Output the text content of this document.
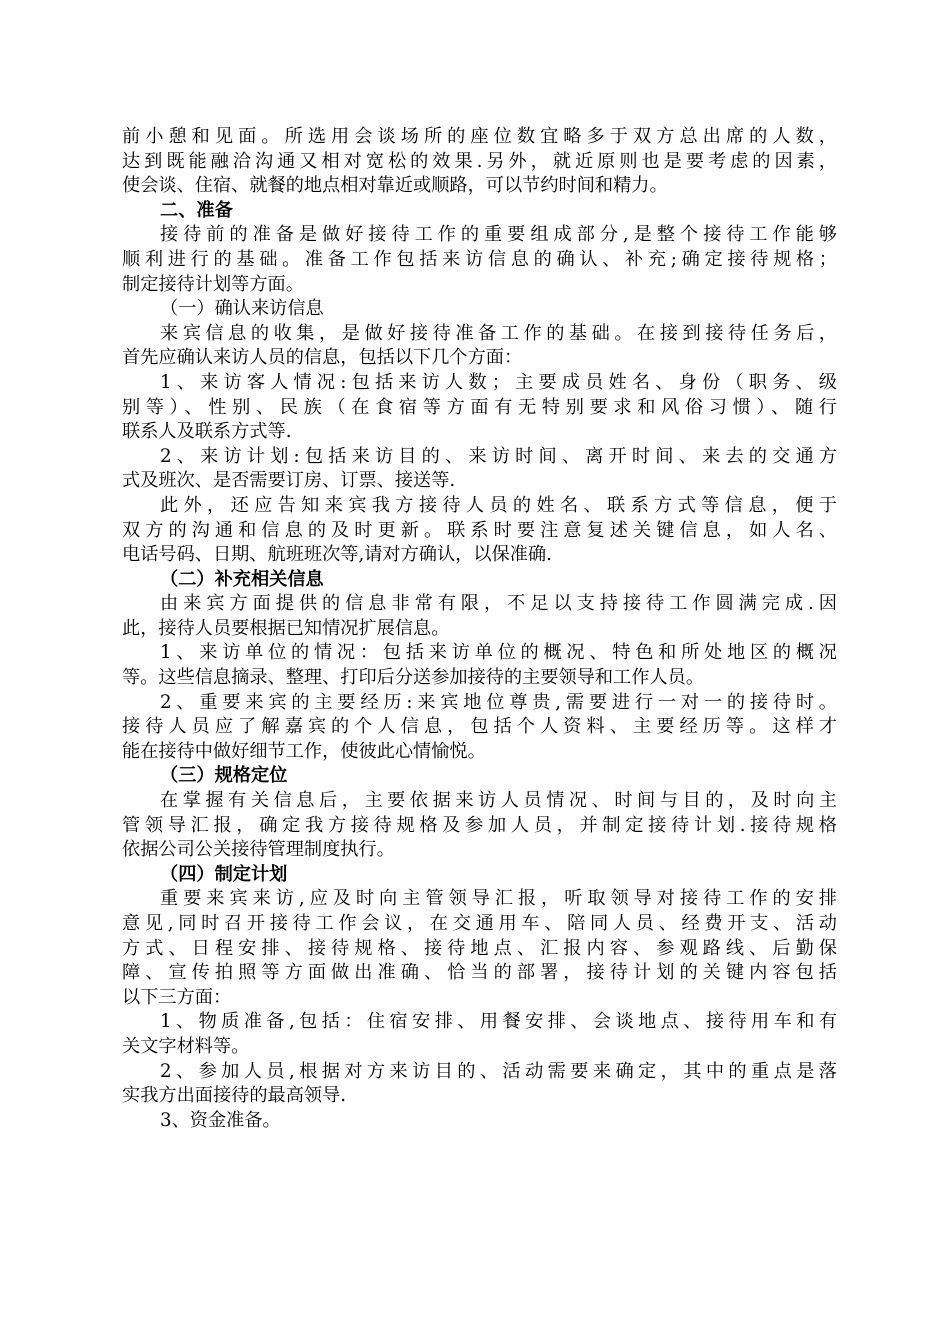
前小憩和见面。所选用会谈场所的座位数宜略多于双方总出席的人数，
达到既能融洽沟通又相对宽松的效果.另外，就近原则也是要考虑的因素，
使会谈、住宿、就餐的地点相对靠近或顺路，可以节约时间和精力。

二、准备

接待前的准备是做好接待工作的重要组成部分,是整个接待工作能够
顺利进行的基础。准备工作包括来访信息的确认、补充;确定接待规格；
制定接待计划等方面。

（一）确认来访信息

来宾信息的收集，是做好接待准备工作的基础。在接到接待任务后，
首先应确认来访人员的信息，包括以下几个方面：

1、来访客人情况:包括来访人数；主要成员姓名、身份（职务、级
别等）、性别、民族（在食宿等方面有无特别要求和风俗习惯）、随行
联系人及联系方式等.

2、来访计划:包括来访目的、来访时间、离开时间、来去的交通方
式及班次、是否需要订房、订票、接送等.

此外，还应告知来宾我方接待人员的姓名、联系方式等信息，便于
双方的沟通和信息的及时更新。联系时要注意复述关键信息，如人名、
电话号码、日期、航班班次等,请对方确认，以保准确.

（二）补充相关信息

由来宾方面提供的信息非常有限，不足以支持接待工作圆满完成.因
此，接待人员要根据已知情况扩展信息。

1、来访单位的情况：包括来访单位的概况、特色和所处地区的概况
等。这些信息摘录、整理、打印后分送参加接待的主要领导和工作人员。

2、重要来宾的主要经历:来宾地位尊贵,需要进行一对一的接待时。
接待人员应了解嘉宾的个人信息，包括个人资料、主要经历等。这样才
能在接待中做好细节工作，使彼此心情愉悦。

（三）规格定位

在掌握有关信息后，主要依据来访人员情况、时间与目的，及时向主
管领导汇报，确定我方接待规格及参加人员，并制定接待计划.接待规格
依据公司公关接待管理制度执行。

（四）制定计划

重要来宾来访,应及时向主管领导汇报，听取领导对接待工作的安排
意见,同时召开接待工作会议，在交通用车、陪同人员、经费开支、活动
方式、日程安排、接待规格、接待地点、汇报内容、参观路线、后勤保
障、宣传拍照等方面做出准确、恰当的部署，接待计划的关键内容包括
以下三方面：

1、物质准备,包括：住宿安排、用餐安排、会谈地点、接待用车和有
关文字材料等。

2、参加人员,根据对方来访目的、活动需要来确定，其中的重点是落
实我方出面接待的最高领导.

3、资金准备。
